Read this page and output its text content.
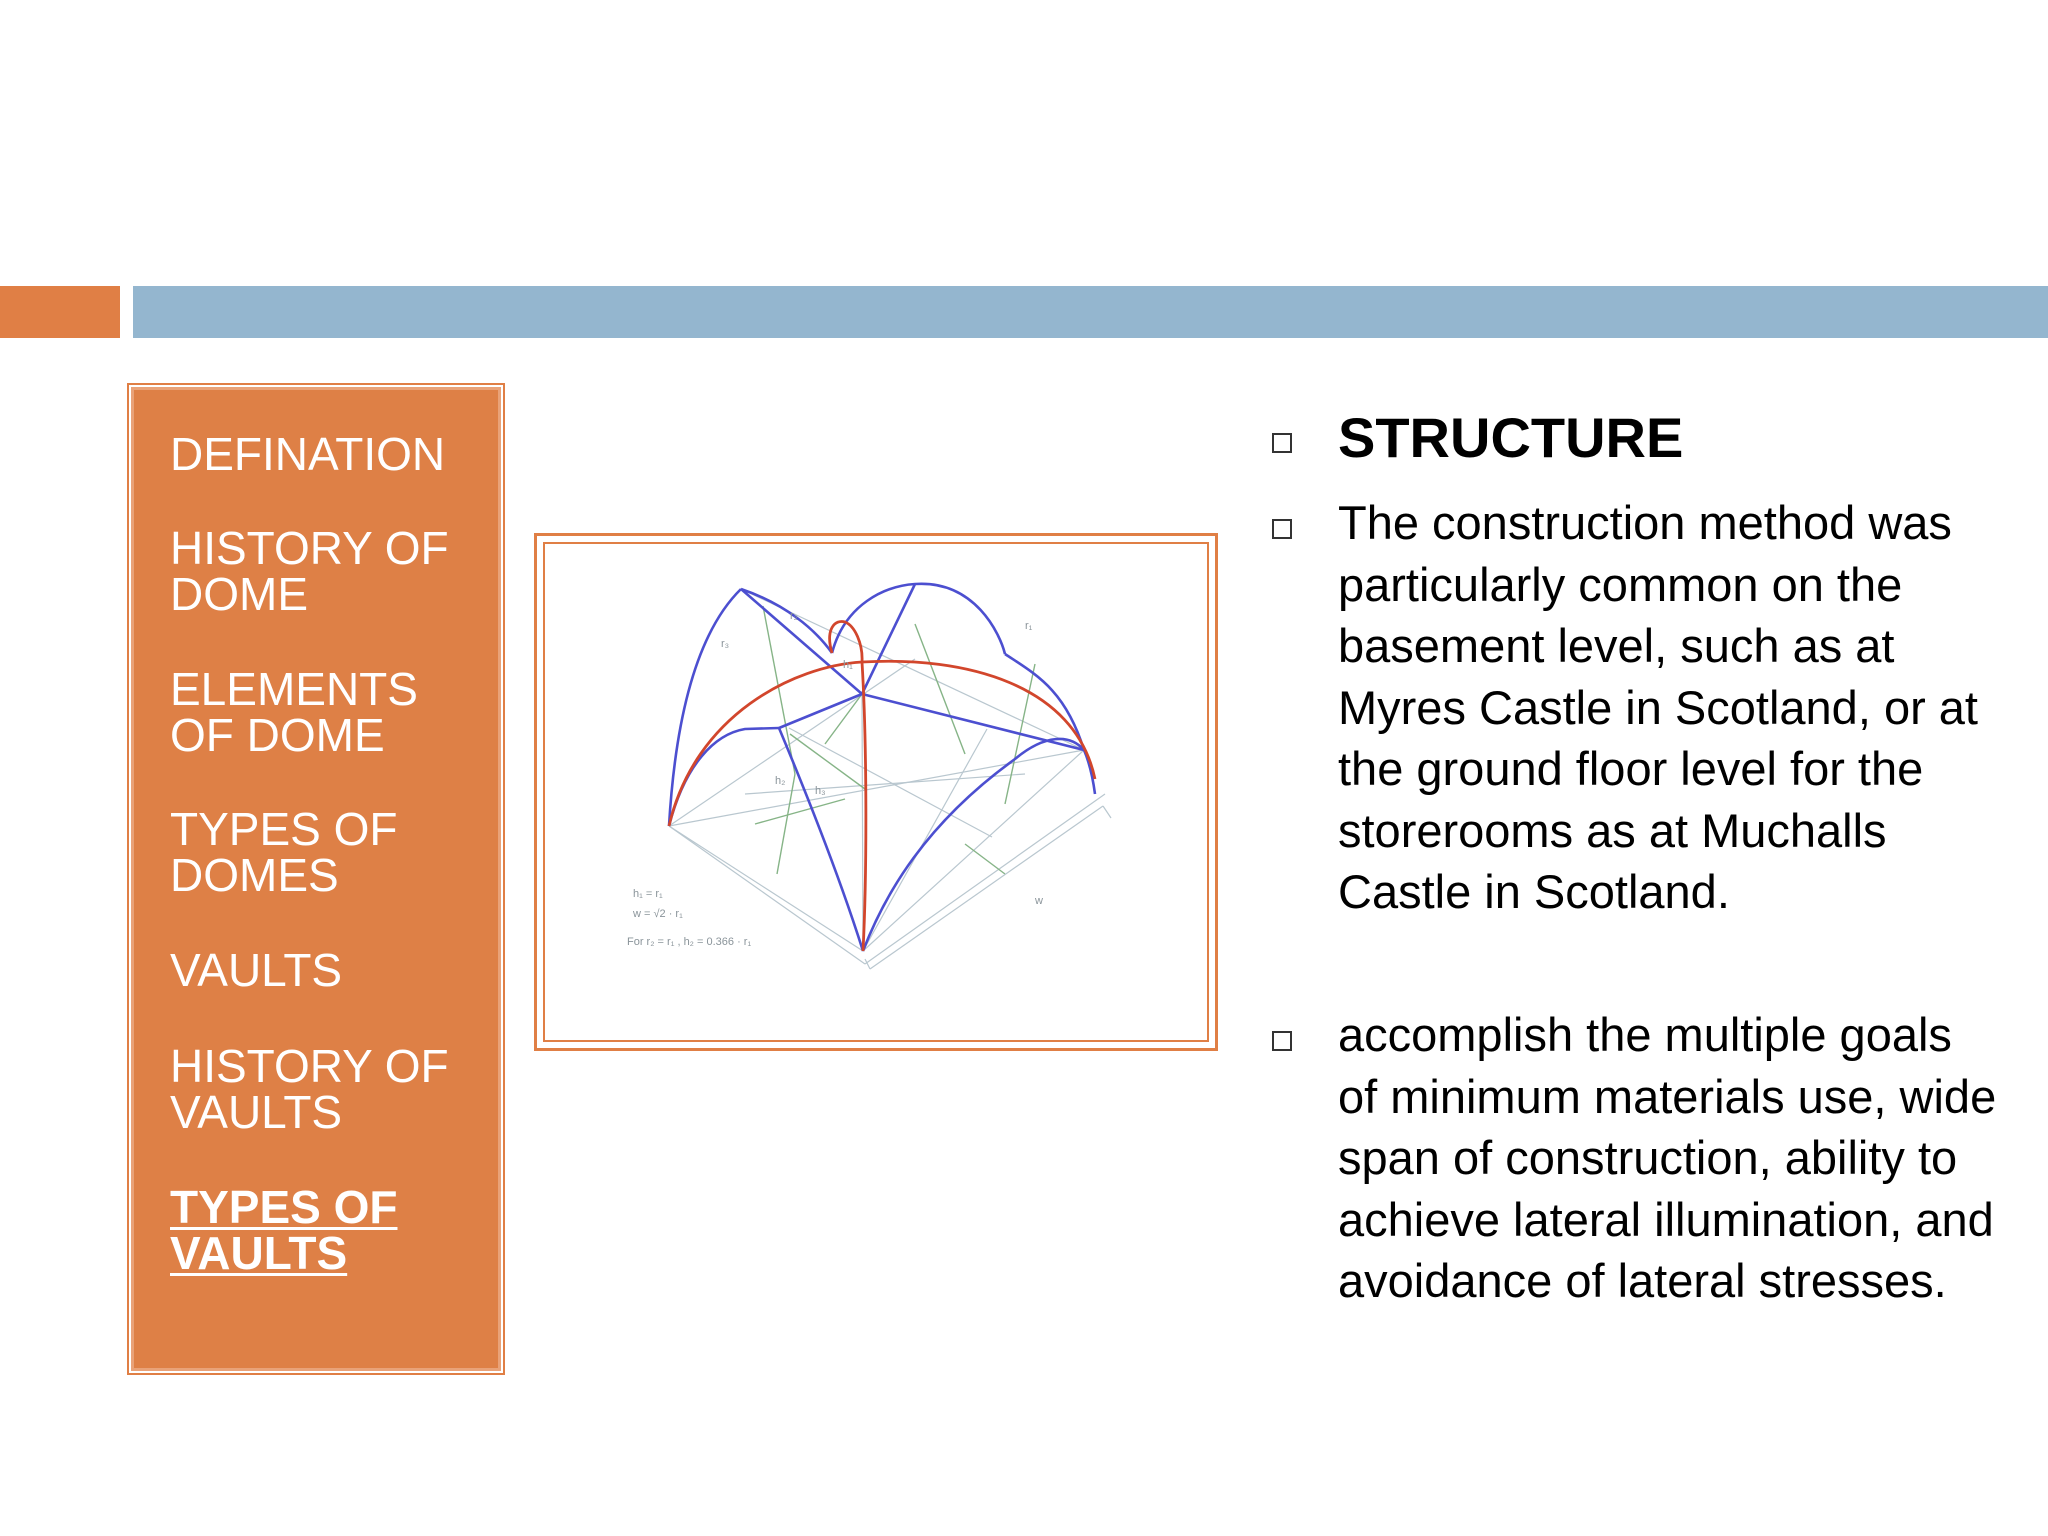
DEFINATION
HISTORY OF DOME
ELEMENTS OF DOME
TYPES OF DOMES
VAULTS
HISTORY OF VAULTS
TYPES OF VAULTS
r₃
r₂
r₁
h₁
h₂
h₃
w
h₁ = r₁
w = √2 · r₁
For r₂ = r₁ , h₂ = 0.366 · r₁
STRUCTURE
The construction method was particularly common on the basement level, such as at Myres Castle in Scotland, or at the ground floor level for the storerooms as at Muchalls Castle in Scotland.
accomplish the multiple goals of minimum materials use, wide span of construction, ability to achieve lateral illumination, and avoidance of lateral stresses.
